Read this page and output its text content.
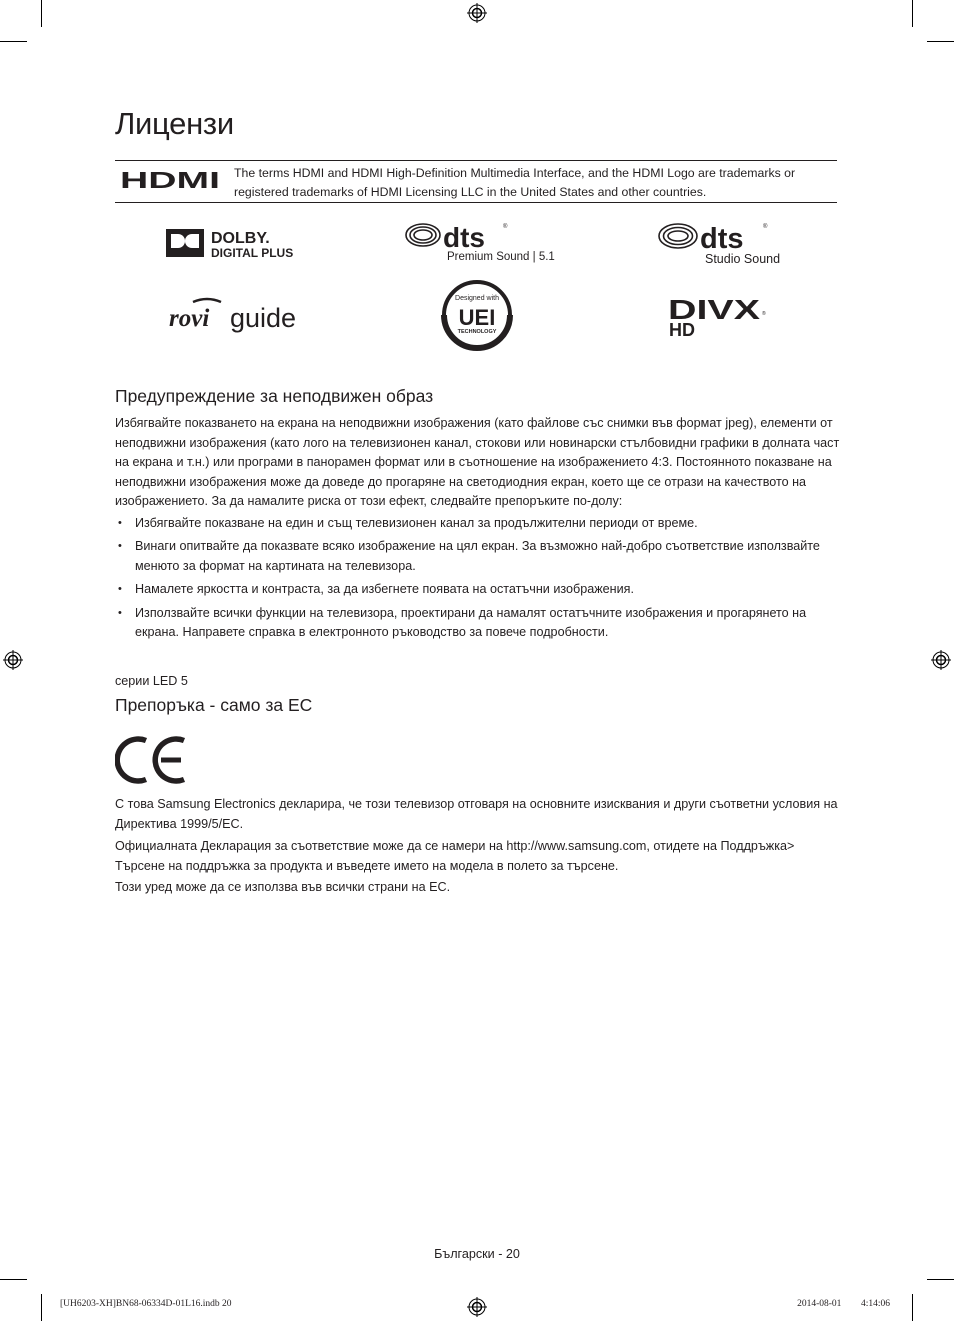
Лицензи
HDMI The terms HDMI and HDMI High-Definition Multimedia Interface, and the HDMI Logo are trademarks or registered trademarks of HDMI Licensing LLC in the United States and other countries.
DOLBY.
DIGITAL PLUS	dts	®
Premium Sound | 5.1
dts	®
Studio Sound
rovi guide
Designed with
UEI
TECHNOLOGY
DIVX ®
HD
Предупреждение за неподвижен образ

Избягвайте показването на екрана на неподвижни изображения (като файлове със снимки във формат jpeg), елементи от неподвижни изображения (като лого на телевизионен канал, стокови или новинарски стълбовидни графики в долната част на екрана и т.н.) или програми в панорамен формат или в съотношение на изображението 4:3. Постоянното показване на неподвижни изображения може да доведе до прогаряне на светодиодния екран, което ще се отрази на качеството на изображението. За да намалите риска от този ефект, следвайте препоръките по-долу:

• Избягвайте показване на един и същ телевизионен канал за продължителни периоди от време.
• Винаги опитвайте да показвате всяко изображение на цял екран. За възможно най-добро съответствие използвайте менюто за формат на картината на телевизора.
• Намалете яркостта и контраста, за да избегнете появата на остатъчни изображения.
• Използвайте всички функции на телевизора, проектирани да намалят остатъчните изображения и прогарянето на екрана. Направете справка в електронното ръководство за повече подробности.
серии LED 5
Препоръка - само за ЕС

С това Samsung Electronics декларира, че този телевизор отговаря на основните изисквания и други съответни условия на Директива 1999/5/ЕС.

Официалната Декларация за съответствие може да се намери на http://www.samsung.com, отидете на Поддръжка> Търсене на поддръжка за продукта и въведете името на модела в полето за търсене.

Този уред може да се използва във всички страни на ЕС.

Български - 20
[UH6203-XH]BN68-06334D-01L16.indb 20	2014-08-01 ￿￿ 4:14:06
